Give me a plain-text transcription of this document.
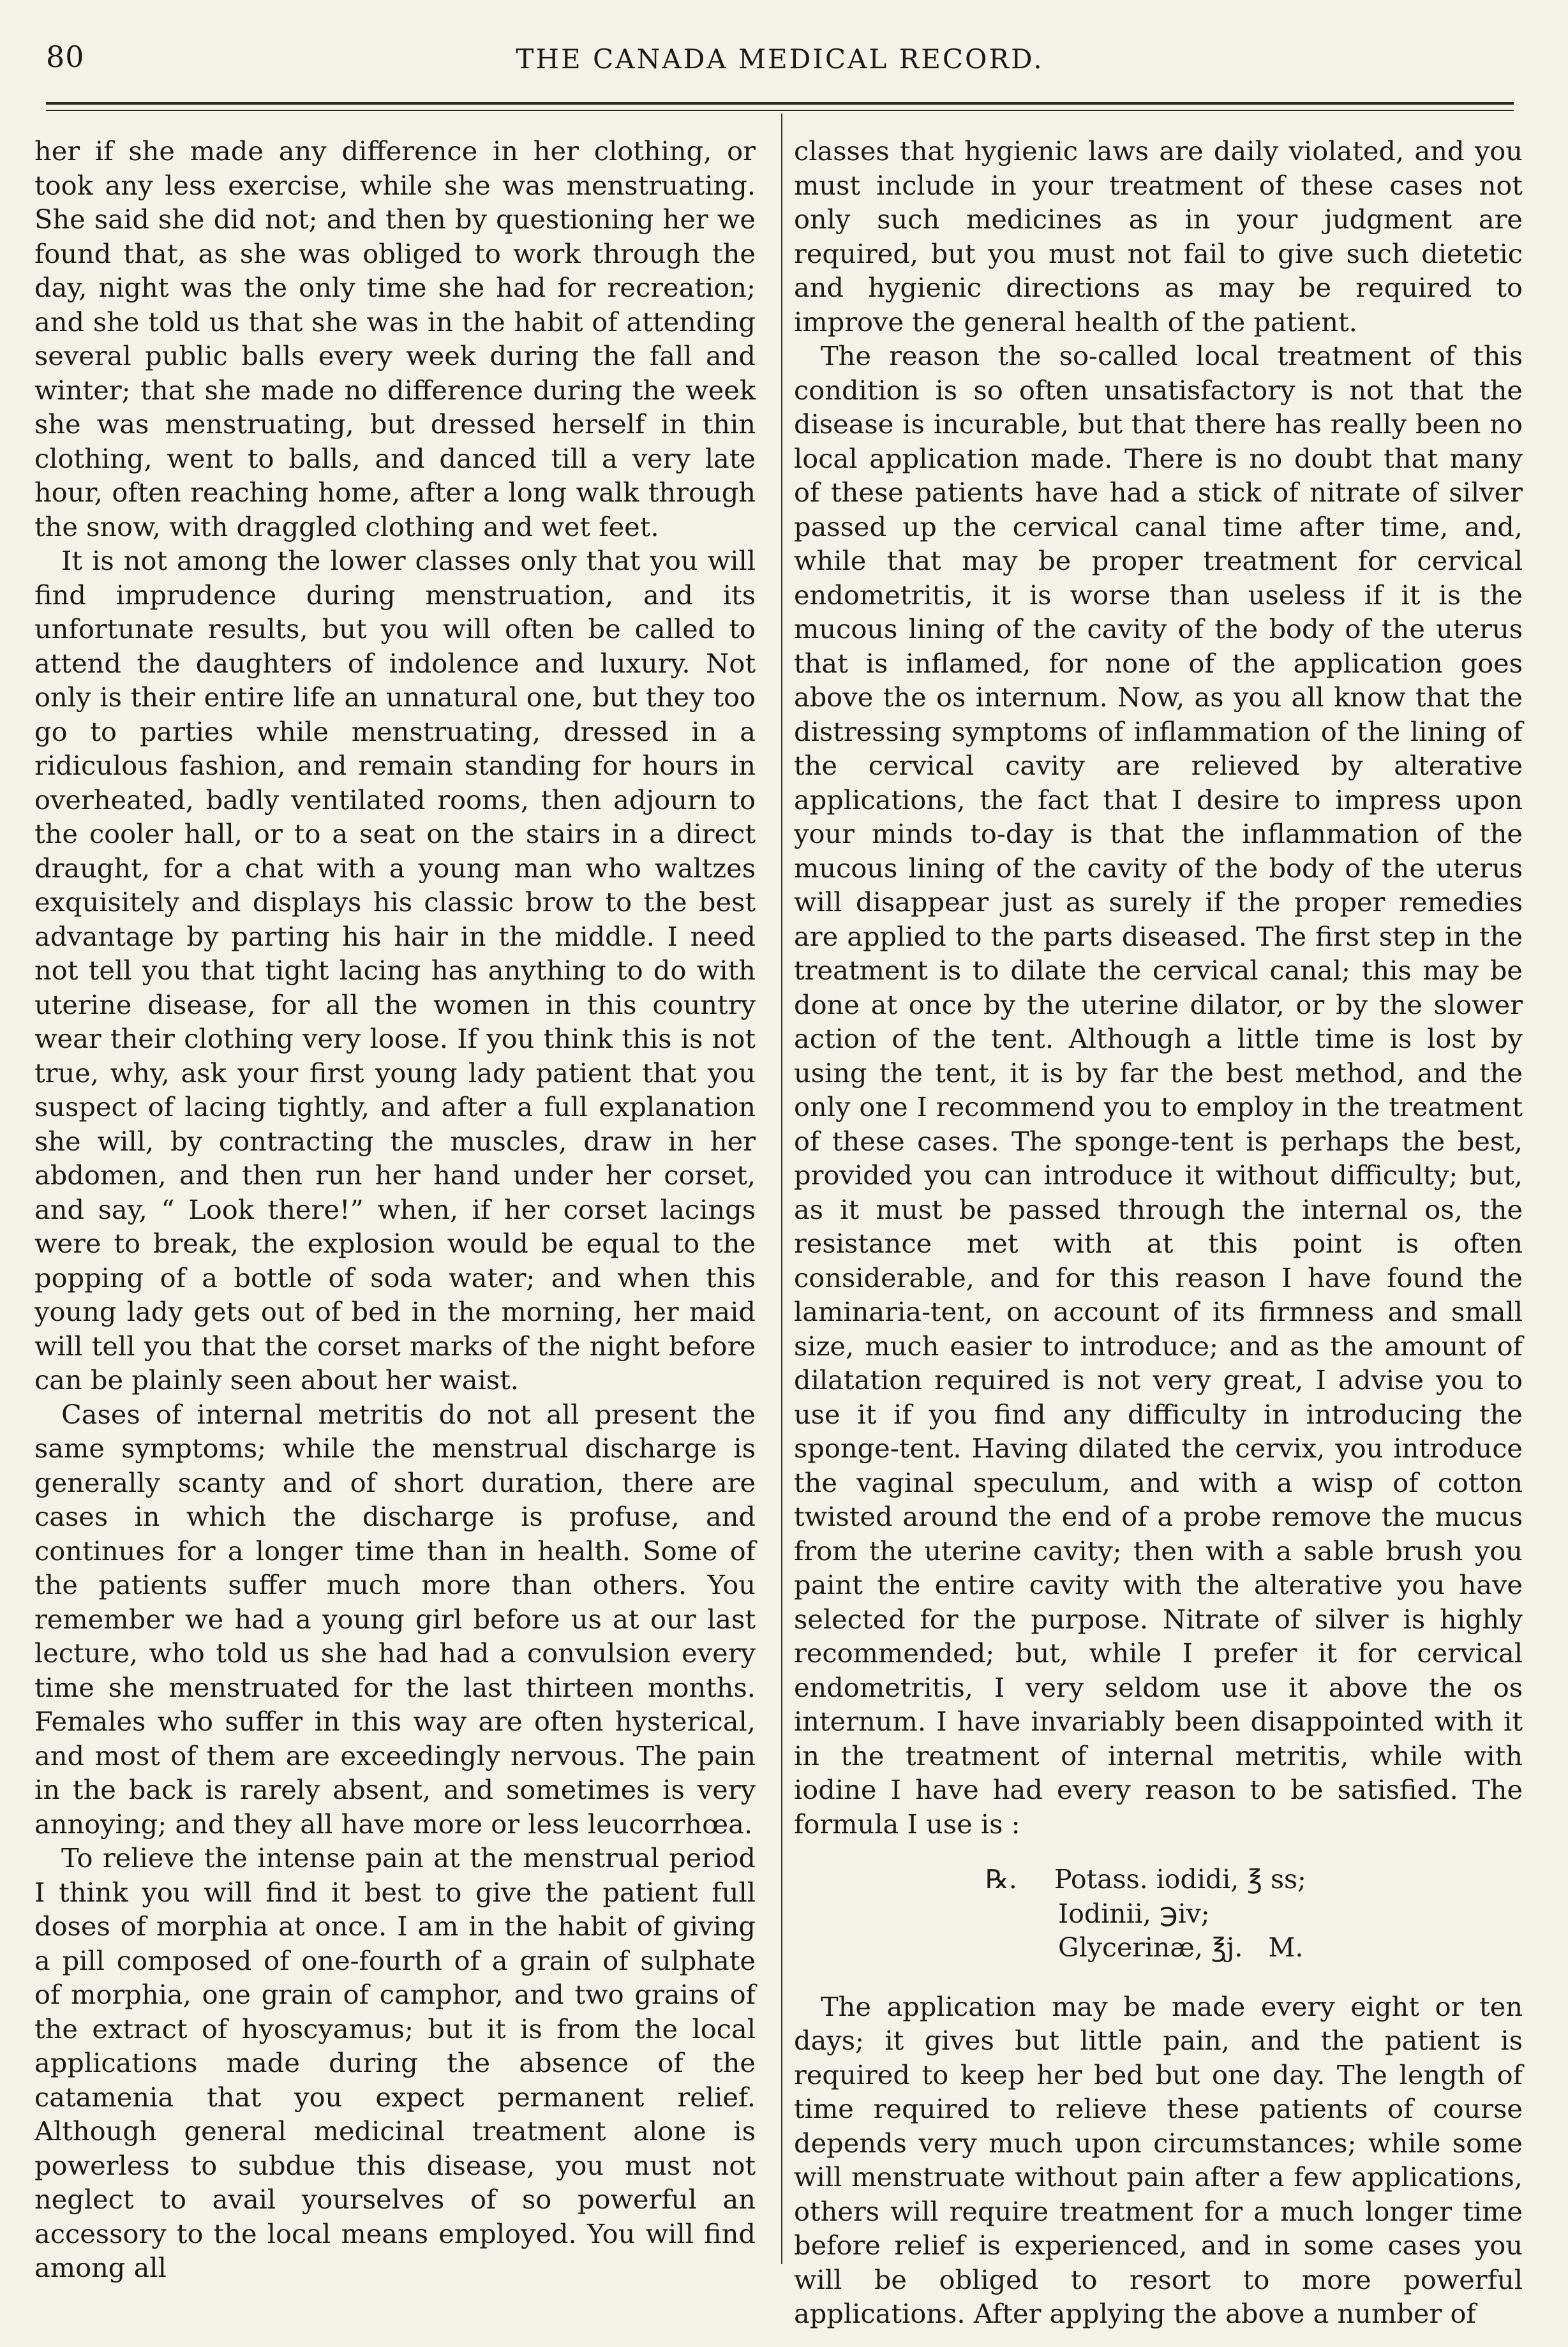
80	THE CANADA MEDICAL RECORD.

her if she made any difference in her clothing, or took any less exercise, while she was menstruating. She said she did not; and then by questioning her we found that, as she was obliged to work through the day, night was the only time she had for recreation; and she told us that she was in the habit of attending several public balls every week during the fall and winter; that she made no difference during the week she was menstruating, but dressed herself in thin clothing, went to balls, and danced till a very late hour, often reaching home, after a long walk through the snow, with draggled clothing and wet feet.

It is not among the lower classes only that you will find imprudence during menstruation, and its unfortunate results, but you will often be called to attend the daughters of indolence and luxury. Not only is their entire life an unnatural one, but they too go to parties while menstruating, dressed in a ridiculous fashion, and remain standing for hours in overheated, badly ventilated rooms, then adjourn to the cooler hall, or to a seat on the stairs in a direct draught, for a chat with a young man who waltzes exquisitely and displays his classic brow to the best advantage by parting his hair in the middle. I need not tell you that tight lacing has anything to do with uterine disease, for all the women in this country wear their clothing very loose. If you think this is not true, why, ask your first young lady patient that you suspect of lacing tightly, and after a full explanation she will, by contracting the muscles, draw in her abdomen, and then run her hand under her corset, and say, “ Look there!” when, if her corset lacings were to break, the explosion would be equal to the popping of a bottle of soda water; and when this young lady gets out of bed in the morning, her maid will tell you that the corset marks of the night before can be plainly seen about her waist.

Cases of internal metritis do not all present the same symptoms; while the menstrual discharge is generally scanty and of short duration, there are cases in which the discharge is profuse, and continues for a longer time than in health. Some of the patients suffer much more than others. You remember we had a young girl before us at our last lecture, who told us she had had a convulsion every time she menstruated for the last thirteen months. Females who suffer in this way are often hysterical, and most of them are exceedingly nervous. The pain in the back is rarely absent, and sometimes is very annoying; and they all have more or less leucorrhœa.

To relieve the intense pain at the menstrual period I think you will find it best to give the patient full doses of morphia at once. I am in the habit of giving a pill composed of one-fourth of a grain of sulphate of morphia, one grain of camphor, and two grains of the extract of hyoscyamus; but it is from the local applications made during the absence of the catamenia that you expect permanent relief. Although general medicinal treatment alone is powerless to subdue this disease, you must not neglect to avail yourselves of so powerful an accessory to the local means employed. You will find among all

classes that hygienic laws are daily violated, and you must include in your treatment of these cases not only such medicines as in your judgment are required, but you must not fail to give such dietetic and hygienic directions as may be required to improve the general health of the patient.

The reason the so-called local treatment of this condition is so often unsatisfactory is not that the disease is incurable, but that there has really been no local application made. There is no doubt that many of these patients have had a stick of nitrate of silver passed up the cervical canal time after time, and, while that may be proper treatment for cervical endometritis, it is worse than useless if it is the mucous lining of the cavity of the body of the uterus that is inflamed, for none of the application goes above the os internum. Now, as you all know that the distressing symptoms of inflammation of the lining of the cervical cavity are relieved by alterative applications, the fact that I desire to impress upon your minds to-day is that the inflammation of the mucous lining of the cavity of the body of the uterus will disappear just as surely if the proper remedies are applied to the parts diseased. The first step in the treatment is to dilate the cervical canal; this may be done at once by the uterine dilator, or by the slower action of the tent. Although a little time is lost by using the tent, it is by far the best method, and the only one I recommend you to employ in the treatment of these cases. The sponge-tent is perhaps the best, provided you can introduce it without difficulty; but, as it must be passed through the internal os, the resistance met with at this point is often considerable, and for this reason I have found the laminaria-tent, on account of its firmness and small size, much easier to introduce; and as the amount of dilatation required is not very great, I advise you to use it if you find any difficulty in introducing the sponge-tent. Having dilated the cervix, you introduce the vaginal speculum, and with a wisp of cotton twisted around the end of a probe remove the mucus from the uterine cavity; then with a sable brush you paint the entire cavity with the alterative you have selected for the purpose. Nitrate of silver is highly recommended; but, while I prefer it for cervical endometritis, I very seldom use it above the os internum. I have invariably been disappointed with it in the treatment of internal metritis, while with iodine I have had every reason to be satisfied. The formula I use is :

℞. Potass. iodidi, ℥ ss;
Iodinii, ℈iv;
Glycerinæ, ℥j. M.

The application may be made every eight or ten days; it gives but little pain, and the patient is required to keep her bed but one day. The length of time required to relieve these patients of course depends very much upon circumstances; while some will menstruate without pain after a few applications, others will require treatment for a much longer time before relief is experienced, and in some cases you will be obliged to resort to more powerful applications. After applying the above a number of
